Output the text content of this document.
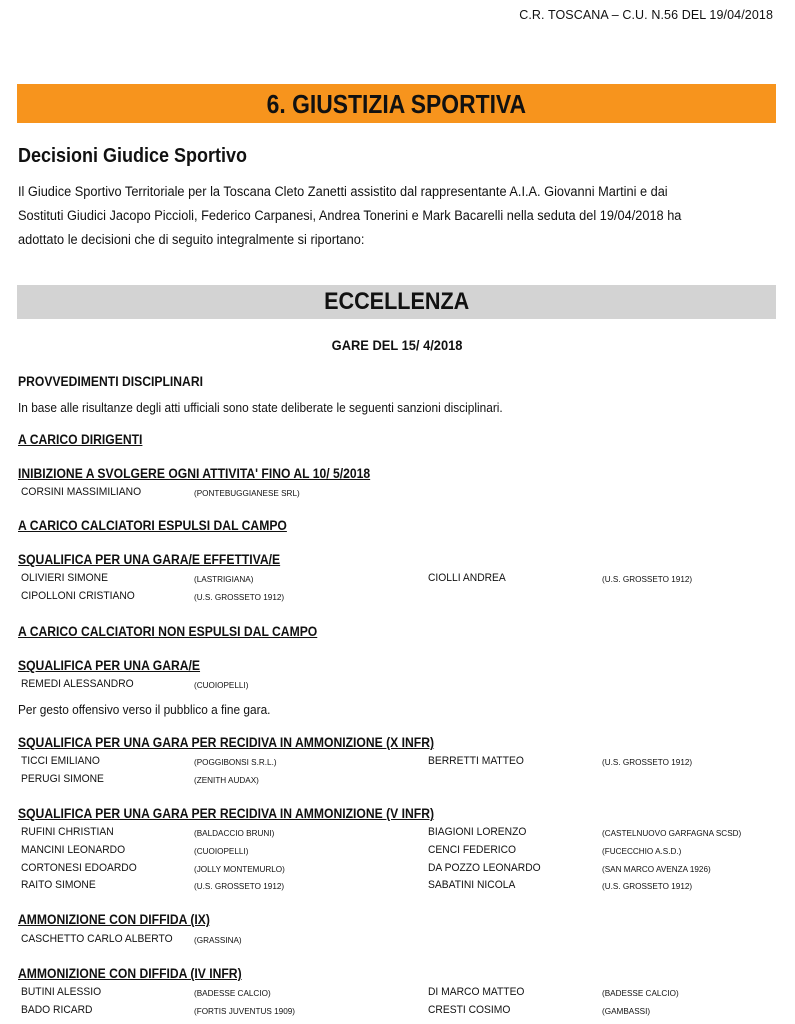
C.R. TOSCANA – C.U. N.56 DEL 19/04/2018
6. GIUSTIZIA SPORTIVA
Decisioni Giudice Sportivo
Il Giudice Sportivo Territoriale per la Toscana Cleto Zanetti assistito dal rappresentante A.I.A. Giovanni Martini e dai
Sostituti Giudici Jacopo Piccioli, Federico Carpanesi, Andrea Tonerini e Mark Bacarelli nella seduta del 19/04/2018 ha
adottato le decisioni che di seguito integralmente si riportano:
ECCELLENZA
GARE DEL 15/ 4/2018
PROVVEDIMENTI DISCIPLINARI
In base alle risultanze degli atti ufficiali sono state deliberate le seguenti sanzioni disciplinari.
A CARICO DIRIGENTI
INIBIZIONE A SVOLGERE OGNI ATTIVITA' FINO AL 10/ 5/2018
CORSINI MASSIMILIANO	(PONTEBUGGIANESE SRL)
A CARICO CALCIATORI ESPULSI DAL CAMPO
SQUALIFICA PER UNA GARA/E EFFETTIVA/E
OLIVIERI SIMONE	(LASTRIGIANA)	CIOLLI ANDREA	(U.S. GROSSETO 1912)
CIPOLLONI CRISTIANO	(U.S. GROSSETO 1912)
A CARICO CALCIATORI NON ESPULSI DAL CAMPO
SQUALIFICA PER UNA GARA/E
REMEDI ALESSANDRO	(CUOIOPELLI)
Per gesto offensivo verso il pubblico a fine gara.
SQUALIFICA PER UNA GARA PER RECIDIVA IN AMMONIZIONE (X INFR)
TICCI EMILIANO	(POGGIBONSI S.R.L.)	BERRETTI MATTEO	(U.S. GROSSETO 1912)
PERUGI SIMONE	(ZENITH AUDAX)
SQUALIFICA PER UNA GARA PER RECIDIVA IN AMMONIZIONE (V INFR)
RUFINI CHRISTIAN	(BALDACCIO BRUNI)	BIAGIONI LORENZO	(CASTELNUOVO GARFAGNA SCSD)
MANCINI LEONARDO	(CUOIOPELLI)	CENCI FEDERICO	(FUCECCHIO A.S.D.)
CORTONESI EDOARDO	(JOLLY MONTEMURLO)	DA POZZO LEONARDO	(SAN MARCO AVENZA 1926)
RAITO SIMONE	(U.S. GROSSETO 1912)	SABATINI NICOLA	(U.S. GROSSETO 1912)
AMMONIZIONE CON DIFFIDA (IX)
CASCHETTO CARLO ALBERTO (GRASSINA)
AMMONIZIONE CON DIFFIDA (IV INFR)
BUTINI ALESSIO	(BADESSE CALCIO)	DI MARCO MATTEO	(BADESSE CALCIO)
BADO RICARD	(FORTIS JUVENTUS 1909)	CRESTI COSIMO	(GAMBASSI)
